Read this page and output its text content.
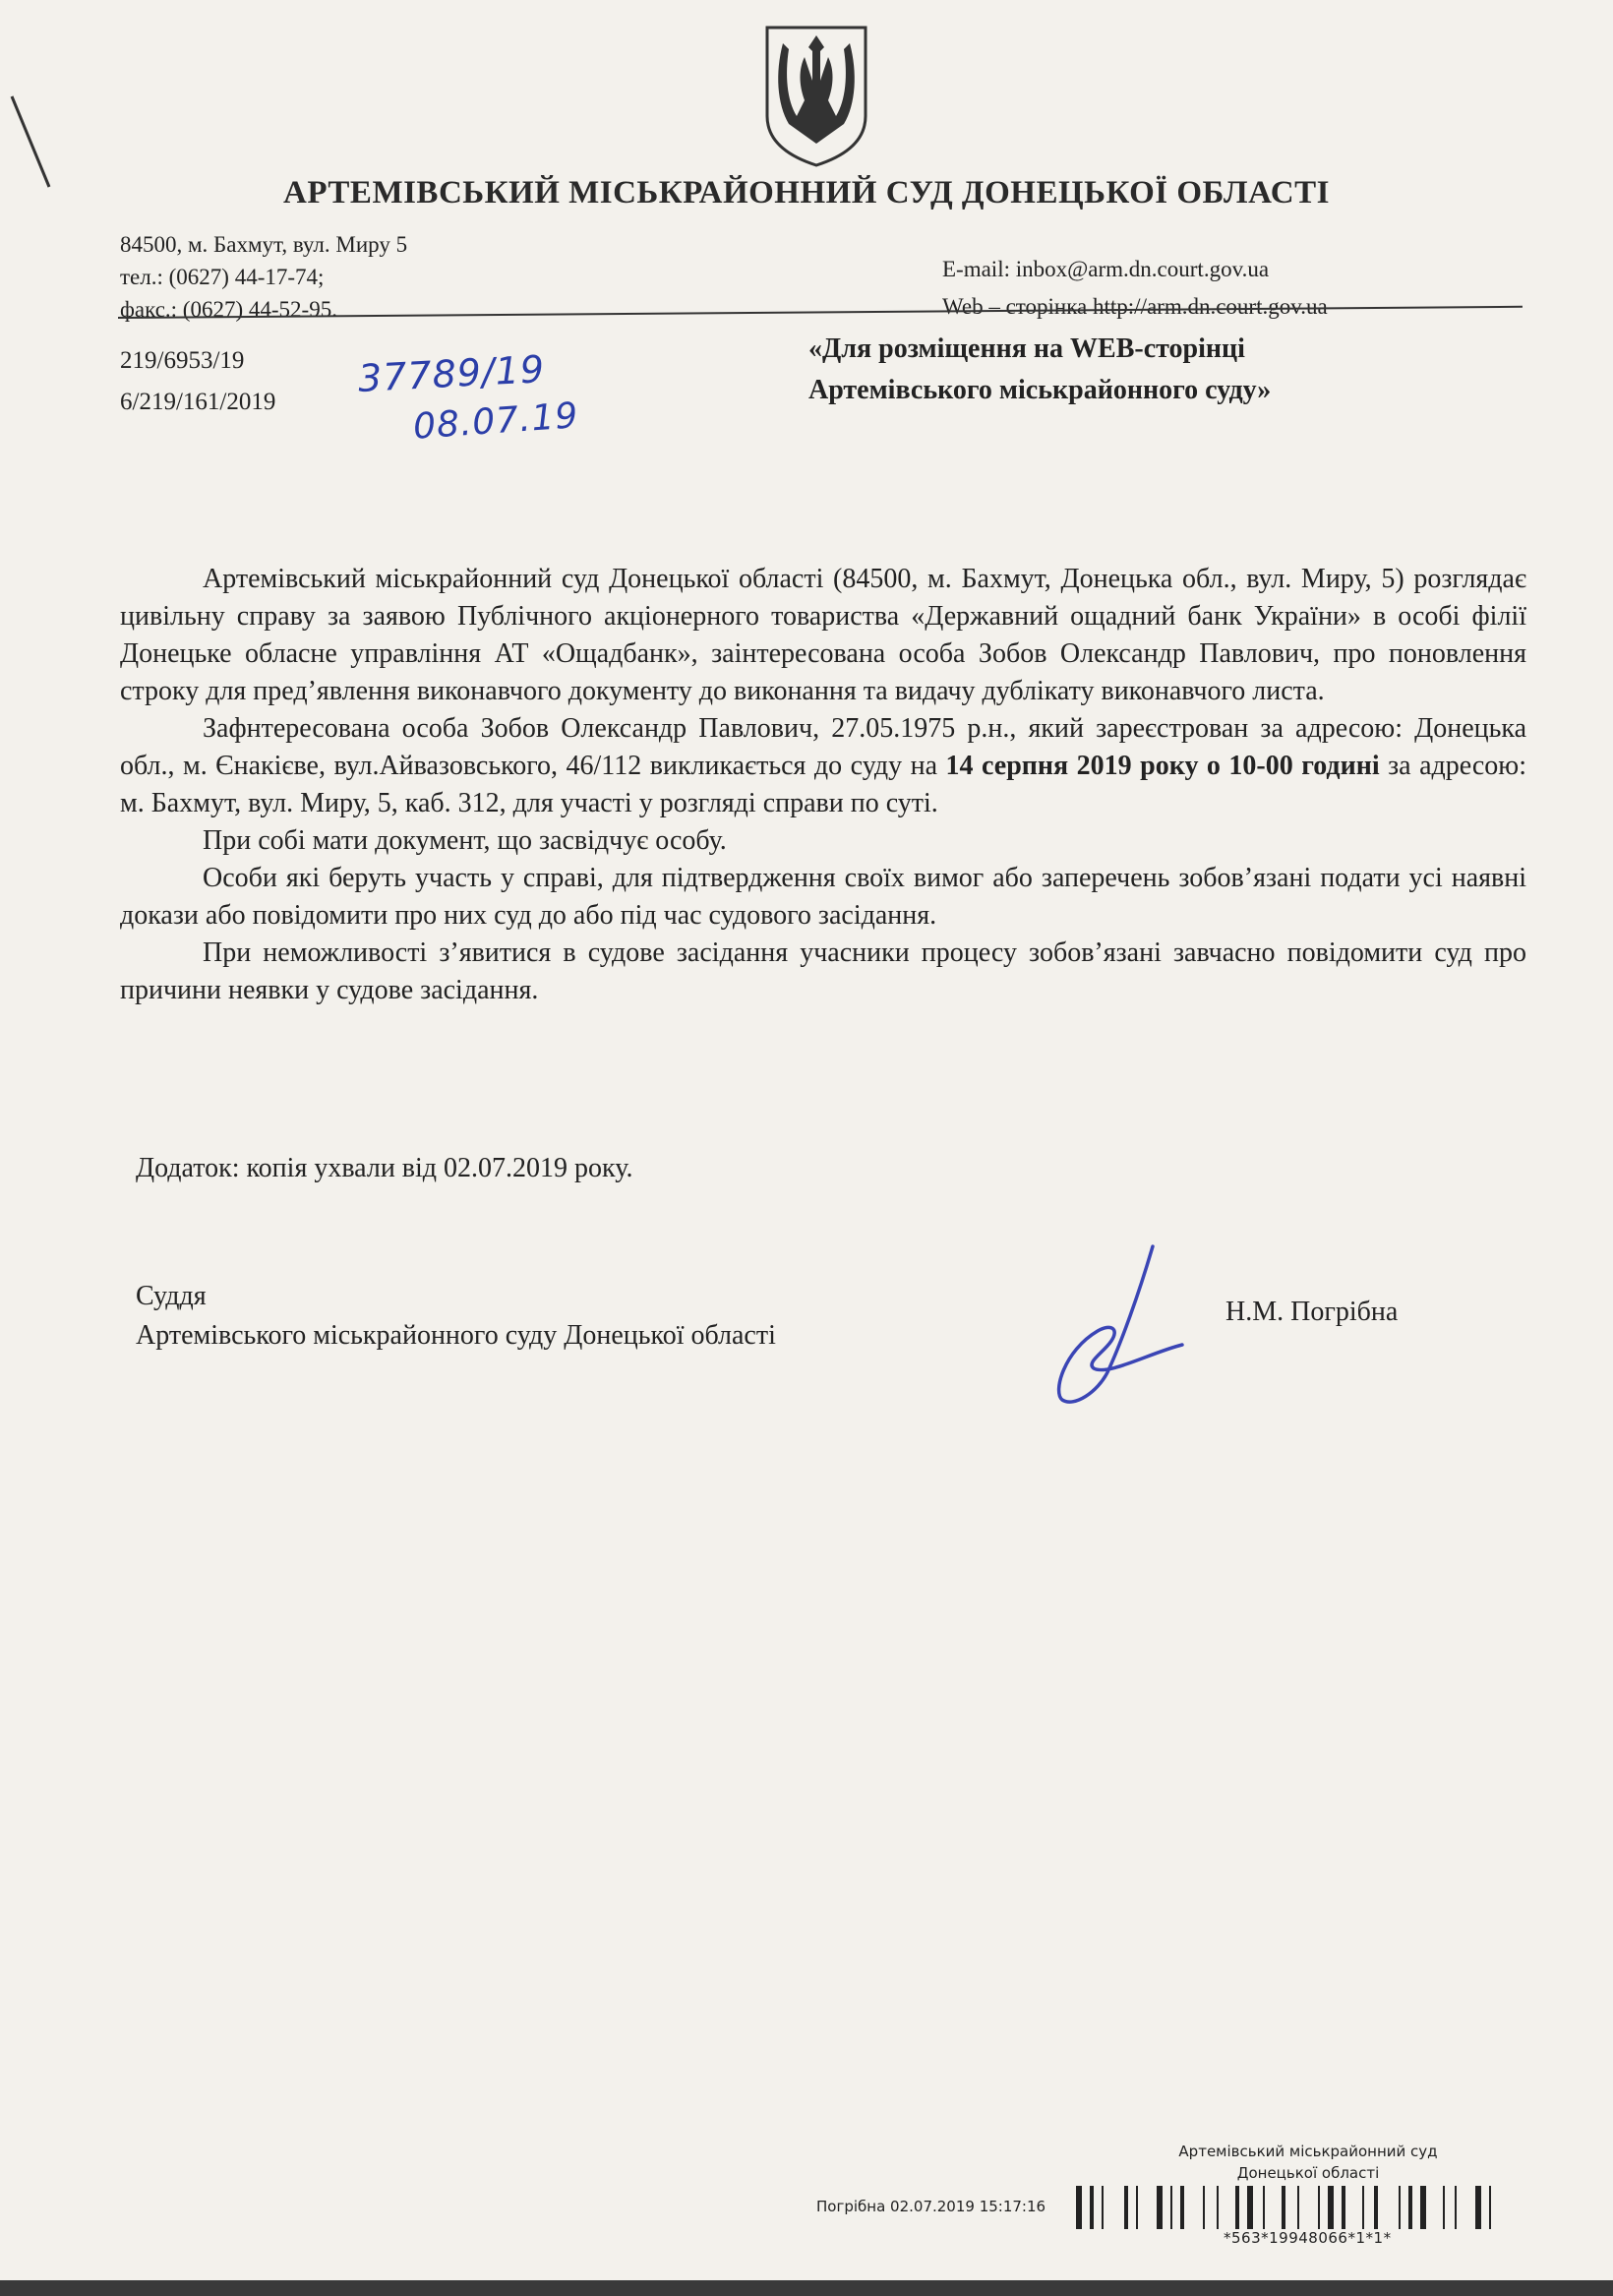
АРТЕМІВСЬКИЙ МІСЬКРАЙОННИЙ СУД ДОНЕЦЬКОЇ ОБЛАСТІ
84500, м. Бахмут, вул. Миру 5
тел.: (0627) 44-17-74;
факс.: (0627) 44-52-95.
E-mail: inbox@arm.dn.court.gov.ua
Web – сторінка http://arm.dn.court.gov.ua
219/6953/19
6/219/161/2019
37789/19
08.07.19
«Для розміщення на WEB-сторінці
Артемівського міськрайонного суду»

Артемівський міськрайонний суд Донецької області (84500, м. Бахмут, Донецька обл., вул. Миру, 5) розглядає цивільну справу за заявою Публічного акціонерного товариства «Державний ощадний банк України» в особі філії Донецьке обласне управління АТ «Ощадбанк», заінтересована особа Зобов Олександр Павлович, про поновлення строку для пред’явлення виконавчого документу до виконання та видачу дублікату виконавчого листа.

Зафнтересована особа Зобов Олександр Павлович, 27.05.1975 р.н., який зареєстрован за адресою: Донецька обл., м. Єнакієве, вул.Айвазовського, 46/112 викликається до суду на 14 серпня 2019 року о 10-00 годині за адресою: м. Бахмут, вул. Миру, 5, каб. 312, для участі у розгляді справи по суті.

При собі мати документ, що засвідчує особу.

Особи які беруть участь у справі, для підтвердження своїх вимог або заперечень зобов’язані подати усі наявні докази або повідомити про них суд до або під час судового засідання.

При неможливості з’явитися в судове засідання учасники процесу зобов’язані завчасно повідомити суд про причини неявки у судове засідання.

Додаток: копія ухвали від 02.07.2019 року.
Суддя
Артемівського міськрайонного суду Донецької області
Н.М. Погрібна
Артемівський міськрайонний суд
Донецької області
Погрібна 02.07.2019 15:17:16
*563*19948066*1*1*
